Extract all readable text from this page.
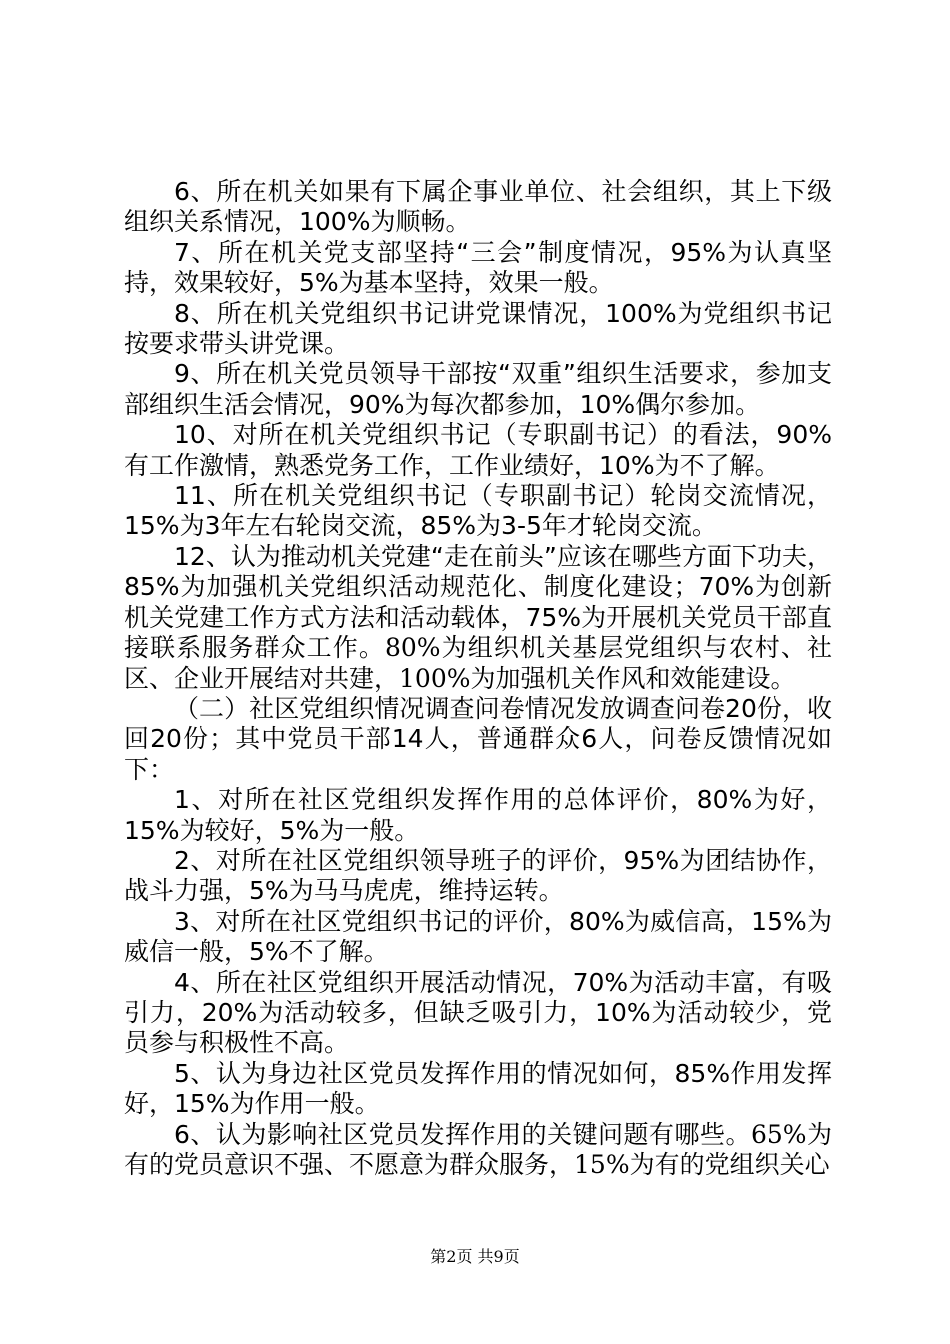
6、所在机关如果有下属企事业单位、社会组织，其上下级组织关系情况，100%为顺畅。

7、所在机关党支部坚持“三会”制度情况，95%为认真坚持，效果较好，5%为基本坚持，效果一般。

8、所在机关党组织书记讲党课情况，100%为党组织书记按要求带头讲党课。

9、所在机关党员领导干部按“双重”组织生活要求，参加支部组织生活会情况，90%为每次都参加，10%偶尔参加。

10、对所在机关党组织书记（专职副书记）的看法，90%有工作激情，熟悉党务工作，工作业绩好，10%为不了解。

11、所在机关党组织书记（专职副书记）轮岗交流情况，15%为3年左右轮岗交流，85%为3-5年才轮岗交流。

12、认为推动机关党建“走在前头”应该在哪些方面下功夫，85%为加强机关党组织活动规范化、制度化建设；70%为创新机关党建工作方式方法和活动载体，75%为开展机关党员干部直接联系服务群众工作。80%为组织机关基层党组织与农村、社区、企业开展结对共建，100%为加强机关作风和效能建设。

（二）社区党组织情况调查问卷情况发放调查问卷20份，收回20份；其中党员干部14人，普通群众6人，问卷反馈情况如下：

1、对所在社区党组织发挥作用的总体评价，80%为好，15%为较好，5%为一般。

2、对所在社区党组织领导班子的评价，95%为团结协作，战斗力强，5%为马马虎虎，维持运转。

3、对所在社区党组织书记的评价，80%为威信高，15%为威信一般，5%不了解。

4、所在社区党组织开展活动情况，70%为活动丰富，有吸引力，20%为活动较多，但缺乏吸引力，10%为活动较少，党员参与积极性不高。

5、认为身边社区党员发挥作用的情况如何，85%作用发挥好，15%为作用一般。

6、认为影响社区党员发挥作用的关键问题有哪些。65%为有的党员意识不强、不愿意为群众服务，15%为有的党组织关心

第2页 共9页
